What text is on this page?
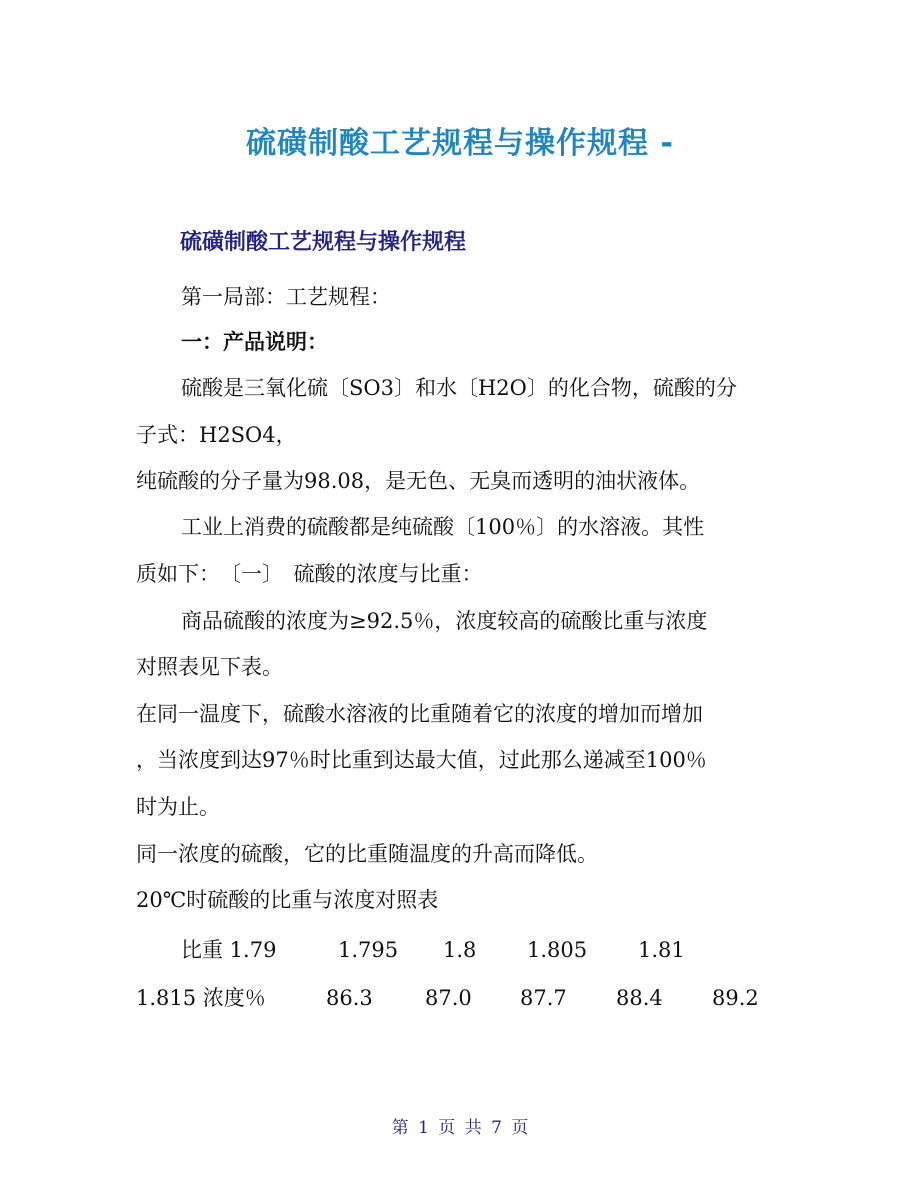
硫磺制酸工艺规程与操作规程 -
硫磺制酸工艺规程与操作规程
第一局部：工艺规程：
一：产品说明：
硫酸是三氧化硫〔SO3〕和水〔H2O〕的化合物，硫酸的分
子式：H2SO4，
纯硫酸的分子量为98.08，是无色、无臭而透明的油状液体。
工业上消费的硫酸都是纯硫酸〔100％〕的水溶液。其性
质如下：　〔一〕　硫酸的浓度与比重：
商品硫酸的浓度为≥92.5％，浓度较高的硫酸比重与浓度
对照表见下表。
在同一温度下，硫酸水溶液的比重随着它的浓度的增加而增加
，当浓度到达97％时比重到达最大值，过此那么递减至100％
时为止。
同一浓度的硫酸，它的比重随温度的升高而降低。
20℃时硫酸的比重与浓度对照表
比重 1.79	1.795 1.8 1.805 1.81
1.815 浓度％	86.3 87.0 87.7 88.4 89.2
第 1 页 共 7 页
